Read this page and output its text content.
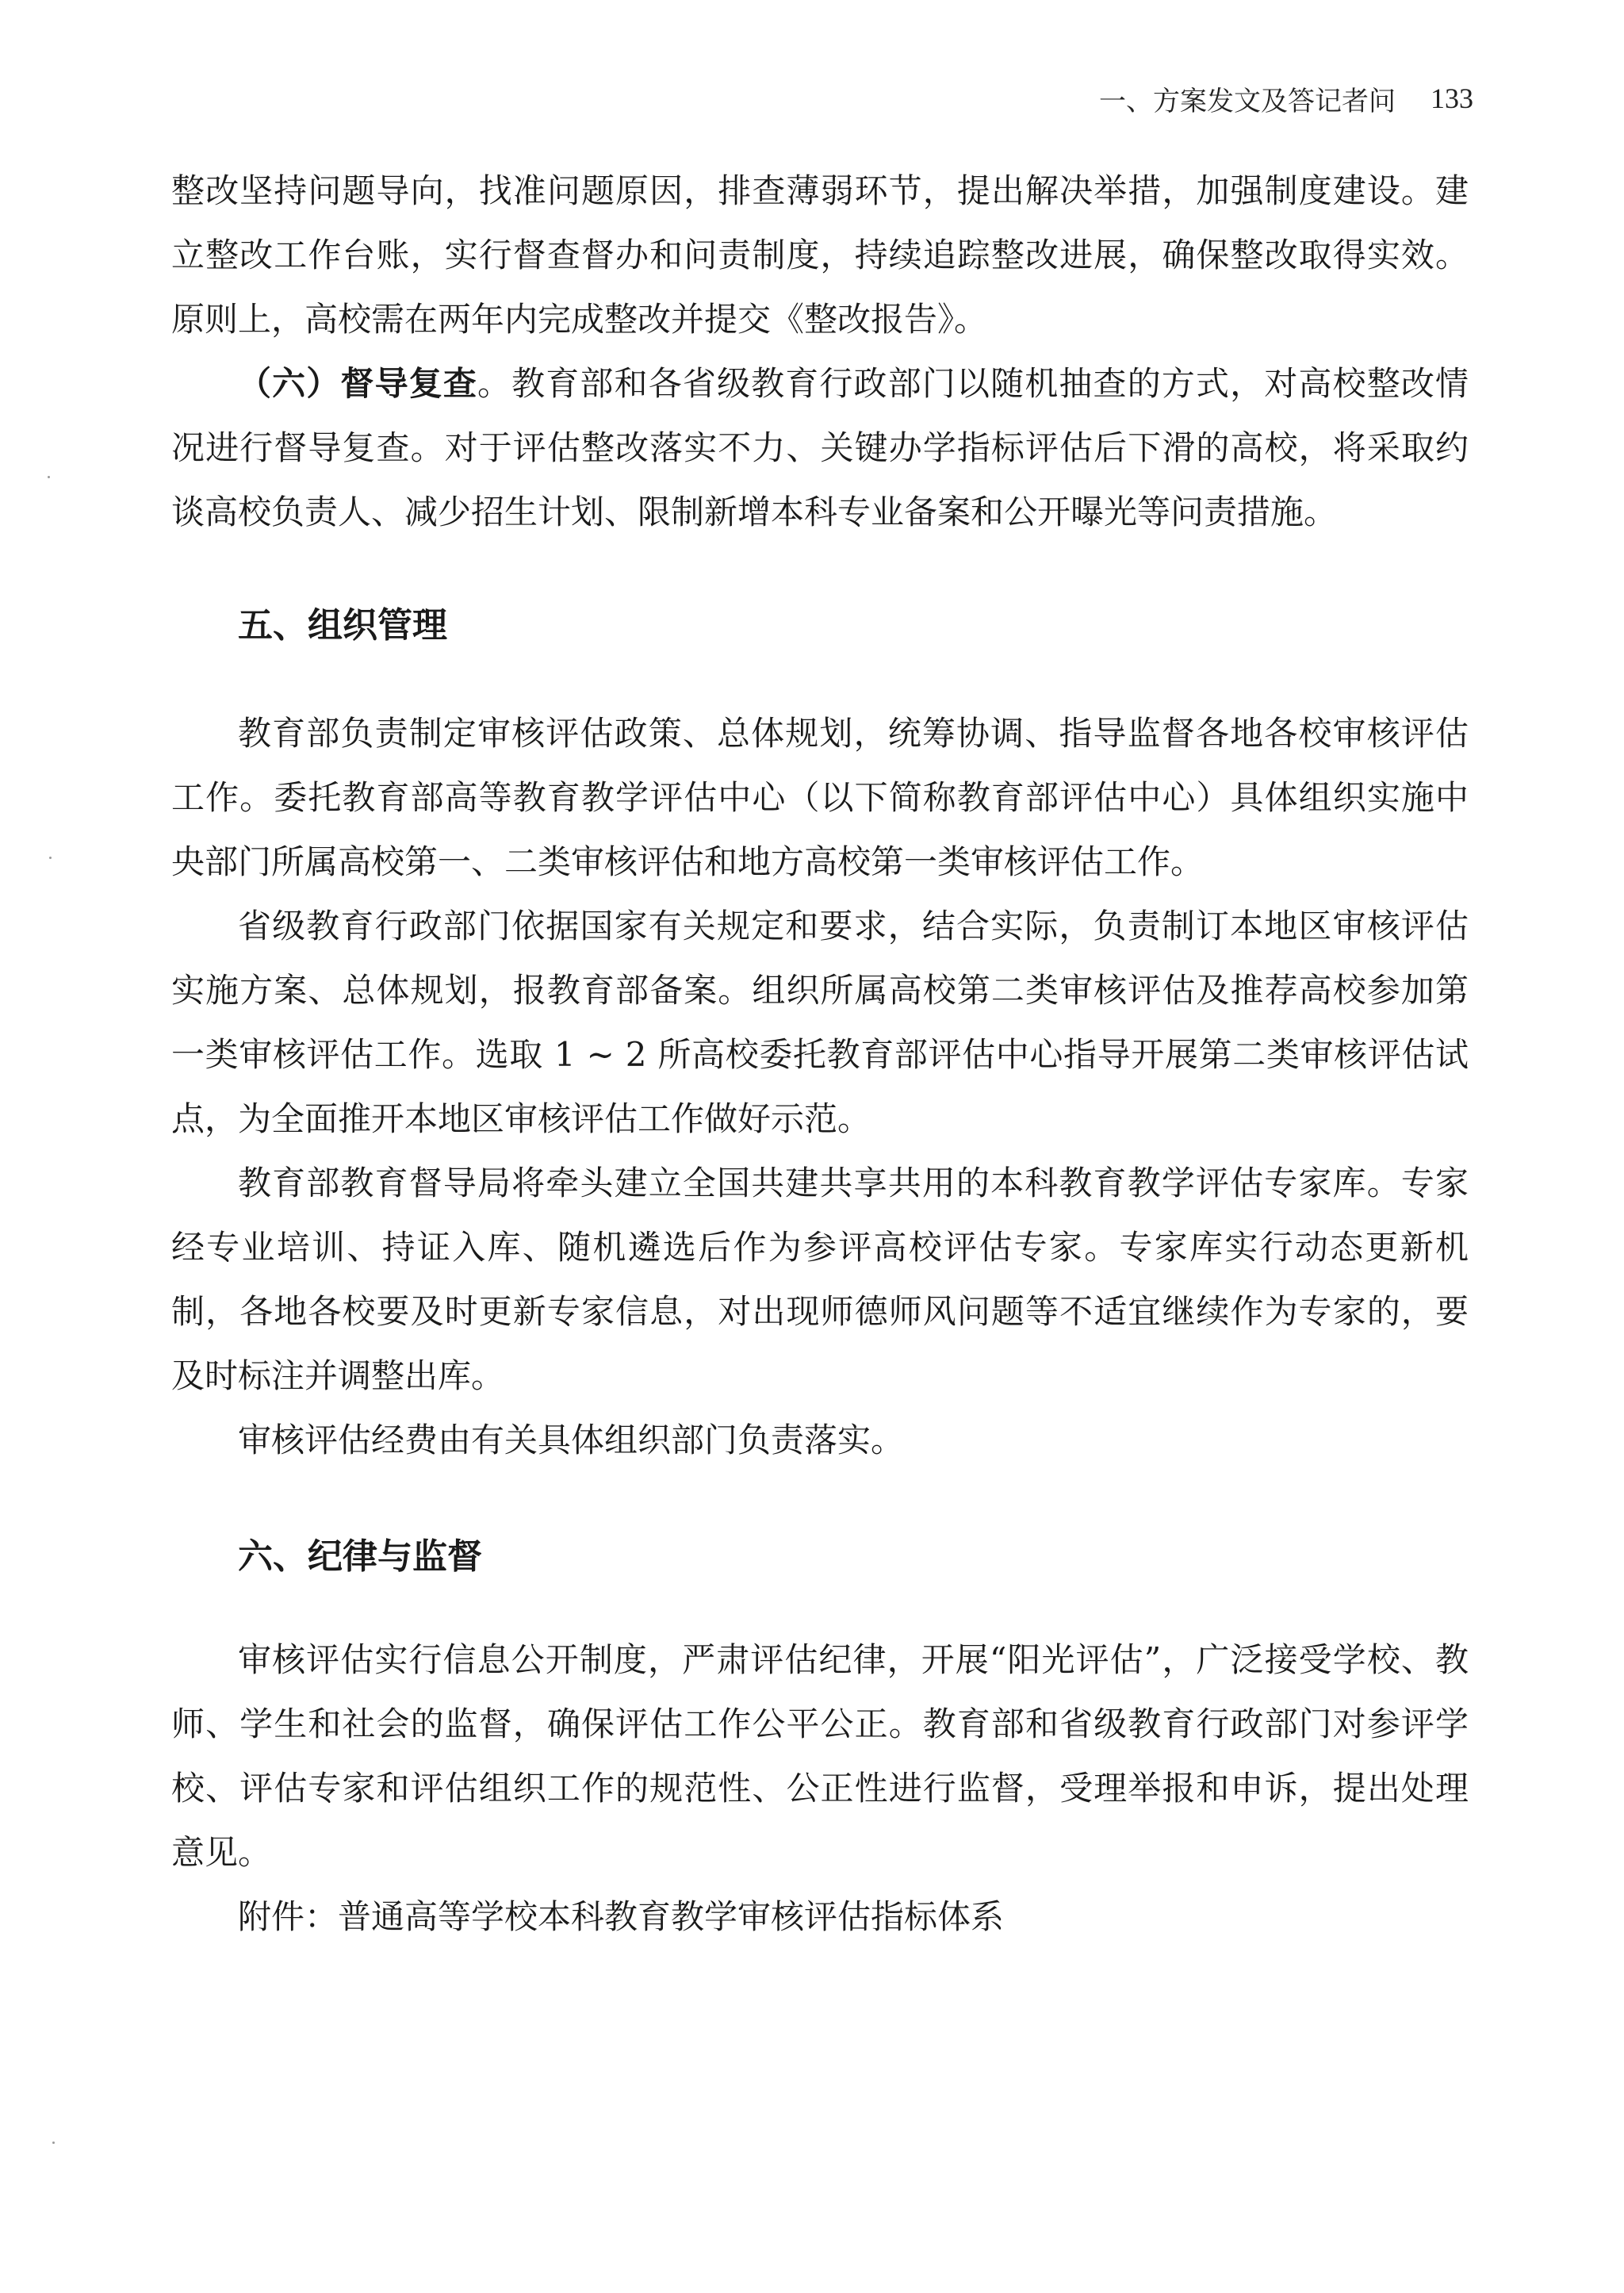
一、方案发文及答记者问 133

整改坚持问题导向，找准问题原因，排查薄弱环节，提出解决举措，加强制度建设。建立整改工作台账，实行督查督办和问责制度，持续追踪整改进展，确保整改取得实效。原则上，高校需在两年内完成整改并提交《整改报告》。

（六）督导复查。教育部和各省级教育行政部门以随机抽查的方式，对高校整改情况进行督导复查。对于评估整改落实不力、关键办学指标评估后下滑的高校，将采取约谈高校负责人、减少招生计划、限制新增本科专业备案和公开曝光等问责措施。

五、组织管理

教育部负责制定审核评估政策、总体规划，统筹协调、指导监督各地各校审核评估工作。委托教育部高等教育教学评估中心（以下简称教育部评估中心）具体组织实施中央部门所属高校第一、二类审核评估和地方高校第一类审核评估工作。

省级教育行政部门依据国家有关规定和要求，结合实际，负责制订本地区审核评估实施方案、总体规划，报教育部备案。组织所属高校第二类审核评估及推荐高校参加第一类审核评估工作。选取 1 ~ 2 所高校委托教育部评估中心指导开展第二类审核评估试点，为全面推开本地区审核评估工作做好示范。

教育部教育督导局将牵头建立全国共建共享共用的本科教育教学评估专家库。专家经专业培训、持证入库、随机遴选后作为参评高校评估专家。专家库实行动态更新机制，各地各校要及时更新专家信息，对出现师德师风问题等不适宜继续作为专家的，要及时标注并调整出库。

审核评估经费由有关具体组织部门负责落实。

六、纪律与监督

审核评估实行信息公开制度，严肃评估纪律，开展“阳光评估”，广泛接受学校、教师、学生和社会的监督，确保评估工作公平公正。教育部和省级教育行政部门对参评学校、评估专家和评估组织工作的规范性、公正性进行监督，受理举报和申诉，提出处理意见。

附件：普通高等学校本科教育教学审核评估指标体系
